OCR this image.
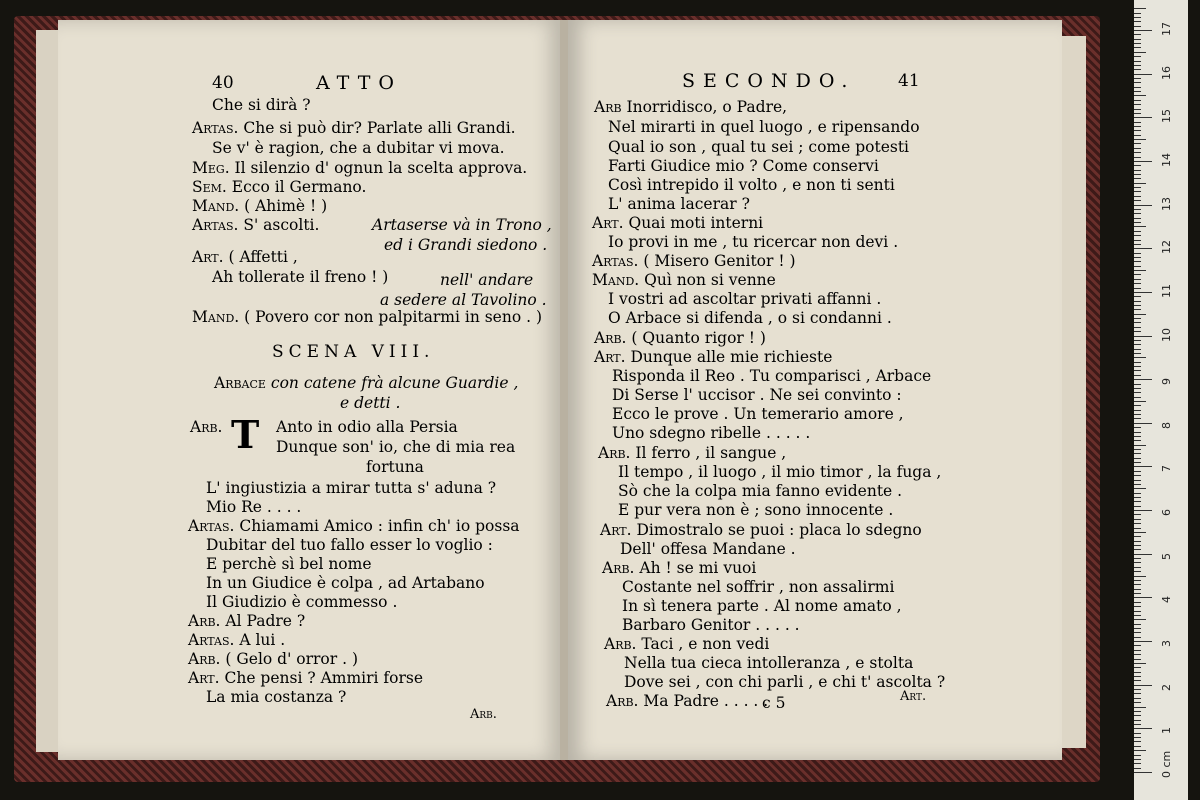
40	ATTO
Che si dirà ?
Artas. Che si può dir? Parlate alli Grandi.
Se v' è ragion, che a dubitar vi mova.
Meg. Il silenzio d' ognun la scelta approva.
Sem. Ecco il Germano.
Mand. ( Ahimè ! )
Artas. S' ascolti.
Art. ( Affetti ,
Ah tollerate il freno ! )
Mand. ( Povero cor non palpitarmi in seno . )
Artaserse và in Trono ,
ed i Grandi siedono .
nell' andare
a sedere al Tavolino .
SCENA VIII.
Arbace con catene frà alcune Guardie ,
e detti .
T
Arb.	Anto in odio alla Persia
Dunque son' io, che di mia rea
fortuna
L' ingiustizia a mirar tutta s' aduna ?
Mio Re . . . .
Artas. Chiamami Amico : infin ch' io possa
Dubitar del tuo fallo esser lo voglio :
E perchè sì bel nome
In un Giudice è colpa , ad Artabano
Il Giudizio è commesso .
Arb. Al Padre ?
Artas. A lui .
Arb. ( Gelo d' orror . )
Art. Che pensi ? Ammiri forse
La mia costanza ?
Arb.
SECONDO.	41
Arb Inorridisco, o Padre,
Nel mirarti in quel luogo , e ripensando
Qual io son , qual tu sei ; come potesti
Farti Giudice mio ? Come conservi
Così intrepido il volto , e non ti senti
L' anima lacerar ?
Art. Quai moti interni
Io provi in me , tu ricercar non devi .
Artas. ( Misero Genitor ! )
Mand. Quì non si venne
I vostri ad ascoltar privati affanni .
O Arbace si difenda , o si condanni .
Arb. ( Quanto rigor ! )
Art. Dunque alle mie richieste
Risponda il Reo . Tu comparisci , Arbace
Di Serse l' uccisor . Ne sei convinto :
Ecco le prove . Un temerario amore ,
Uno sdegno ribelle . . . . .
Arb. Il ferro , il sangue ,
Il tempo , il luogo , il mio timor , la fuga ,
Sò che la colpa mia fanno evidente .
E pur vera non è ; sono innocente .
Art. Dimostralo se puoi : placa lo sdegno
Dell' offesa Mandane .
Arb. Ah ! se mi vuoi
Costante nel soffrir , non assalirmi
In sì tenera parte . Al nome amato ,
Barbaro Genitor . . . . .
Arb. Taci , e non vedi
Nella tua cieca intolleranza , e stolta
Dove sei , con chi parli , e chi t' ascolta ?
Arb. Ma Padre . . . . .
c 5	Art.
0 cm
1
2
3
4
5
6
7
8
9
10
11
12
13
14
15
16
17
